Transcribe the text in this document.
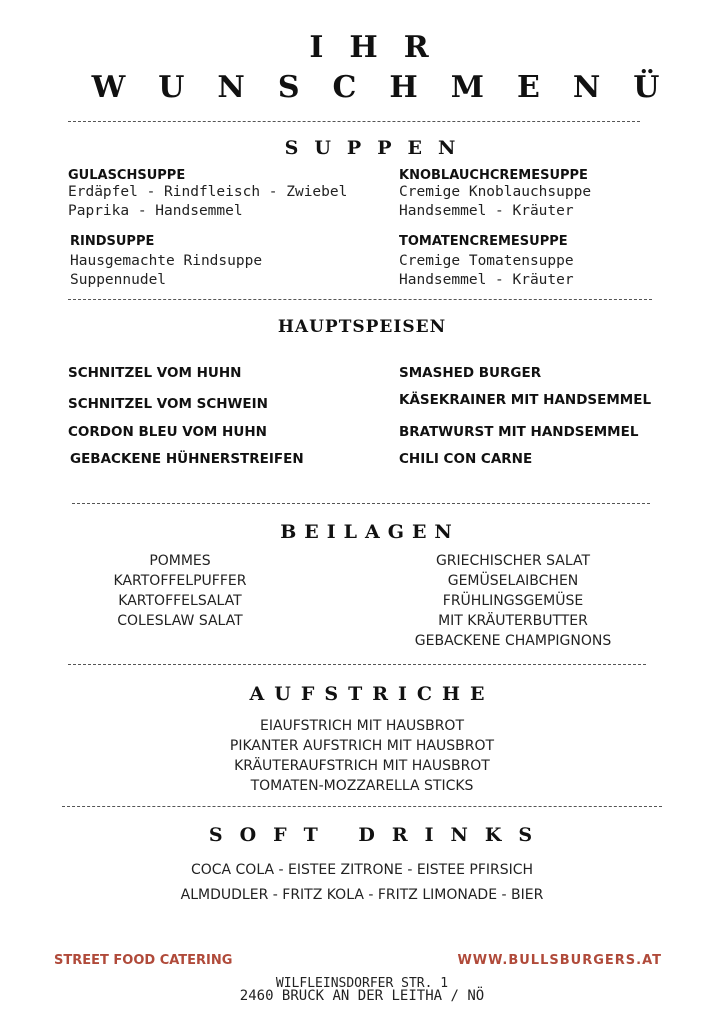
IHR
WUNSCHMENÜ
SUPPEN
GULASCHSUPPE
Erdäpfel - Rindfleisch - Zwiebel
Paprika - Handsemmel
KNOBLAUCHCREMESUPPE
Cremige Knoblauchsuppe
Handsemmel - Kräuter
RINDSUPPE
Hausgemachte Rindsuppe
Suppennudel
TOMATENCREMESUPPE
Cremige Tomatensuppe
Handsemmel - Kräuter
HAUPTSPEISEN
SCHNITZEL VOM HUHN
SCHNITZEL VOM SCHWEIN
CORDON BLEU VOM HUHN
GEBACKENE HÜHNERSTREIFEN
SMASHED BURGER
KÄSEKRAINER MIT HANDSEMMEL
BRATWURST MIT HANDSEMMEL
CHILI CON CARNE
BEILAGEN
POMMES
KARTOFFELPUFFER
KARTOFFELSALAT
COLESLAW SALAT
GRIECHISCHER SALAT
GEMÜSELAIBCHEN
FRÜHLINGSGEMÜSE
MIT KRÄUTERBUTTER
GEBACKENE CHAMPIGNONS
AUFSTRICHE
EIAUFSTRICH MIT HAUSBROT
PIKANTER AUFSTRICH MIT HAUSBROT
KRÄUTERAUFSTRICH MIT HAUSBROT
TOMATEN-MOZZARELLA STICKS
SOFT DRINKS
COCA COLA - EISTEE ZITRONE - EISTEE PFIRSICH
ALMDUDLER - FRITZ KOLA - FRITZ LIMONADE - BIER
STREET FOOD CATERING	WWW.BULLSBURGERS.AT
WILFLEINSDORFER STR. 1
2460 BRUCK AN DER LEITHA / NÖ
